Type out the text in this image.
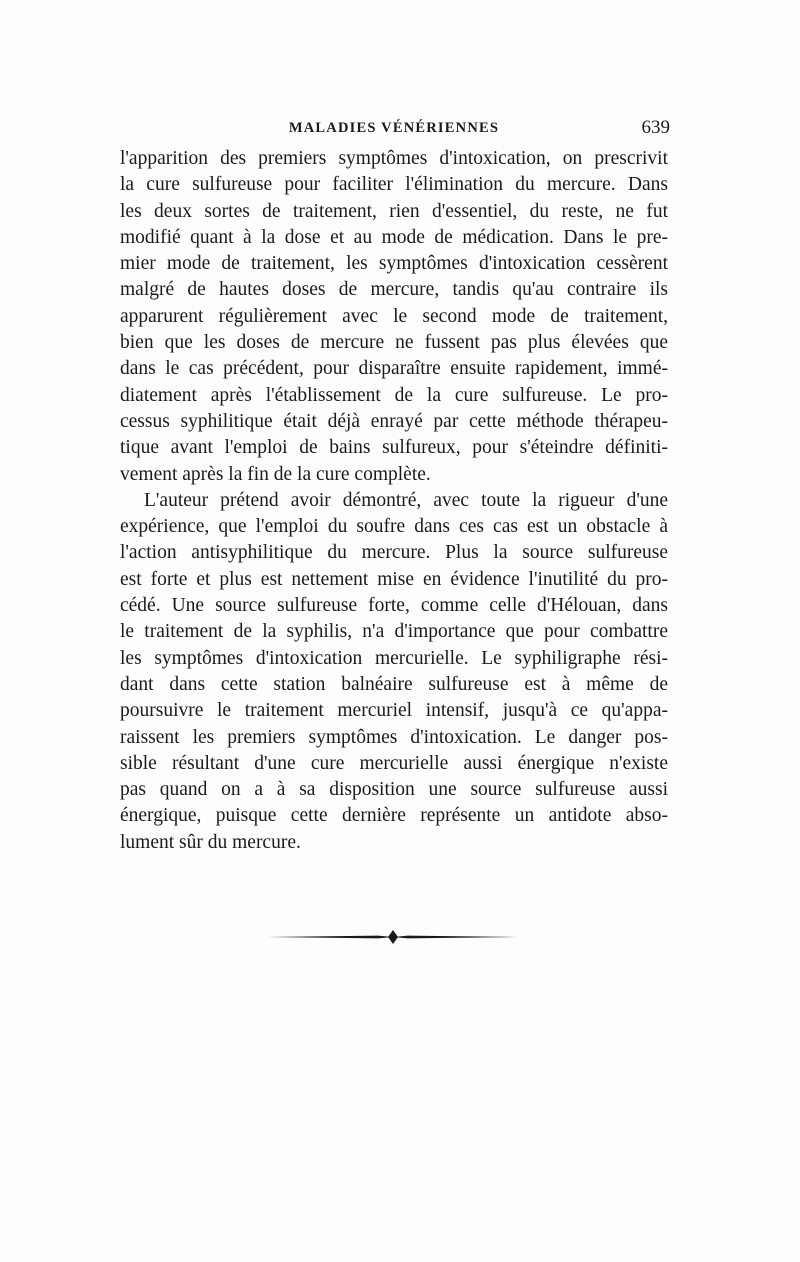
MALADIES VÉNÉRIENNES	639
l'apparition des premiers symptômes d'intoxication, on prescrivit
la cure sulfureuse pour faciliter l'élimination du mercure. Dans
les deux sortes de traitement, rien d'essentiel, du reste, ne fut
modifié quant à la dose et au mode de médication. Dans le pre-
mier mode de traitement, les symptômes d'intoxication cessèrent
malgré de hautes doses de mercure, tandis qu'au contraire ils
apparurent régulièrement avec le second mode de traitement,
bien que les doses de mercure ne fussent pas plus élevées que
dans le cas précédent, pour disparaître ensuite rapidement, immé-
diatement après l'établissement de la cure sulfureuse. Le pro-
cessus syphilitique était déjà enrayé par cette méthode thérapeu-
tique avant l'emploi de bains sulfureux, pour s'éteindre définiti-
vement après la fin de la cure complète.
L'auteur prétend avoir démontré, avec toute la rigueur d'une
expérience, que l'emploi du soufre dans ces cas est un obstacle à
l'action antisyphilitique du mercure. Plus la source sulfureuse
est forte et plus est nettement mise en évidence l'inutilité du pro-
cédé. Une source sulfureuse forte, comme celle d'Hélouan, dans
le traitement de la syphilis, n'a d'importance que pour combattre
les symptômes d'intoxication mercurielle. Le syphiligraphe rési-
dant dans cette station balnéaire sulfureuse est à même de
poursuivre le traitement mercuriel intensif, jusqu'à ce qu'appa-
raissent les premiers symptômes d'intoxication. Le danger pos-
sible résultant d'une cure mercurielle aussi énergique n'existe
pas quand on a à sa disposition une source sulfureuse aussi
énergique, puisque cette dernière représente un antidote abso-
lument sûr du mercure.
